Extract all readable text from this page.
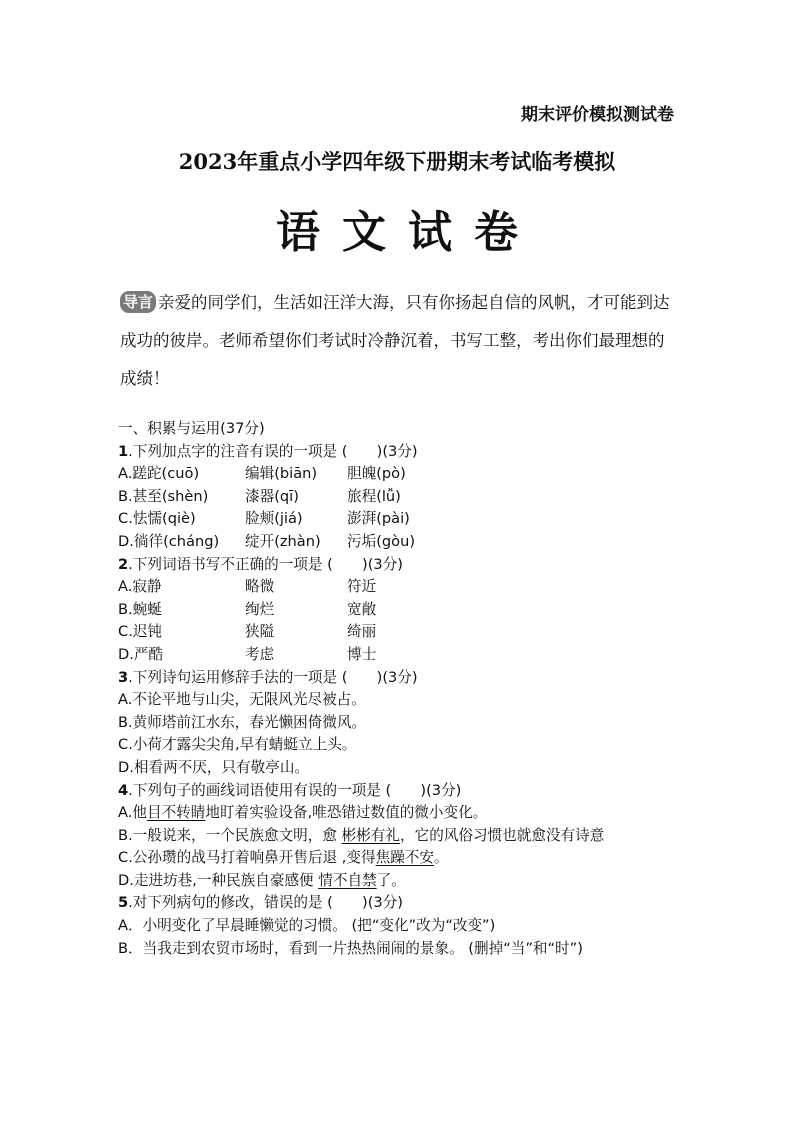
期末评价模拟测试卷
2023年重点小学四年级下册期末考试临考模拟
语文试卷
导言 亲爱的同学们，生活如汪洋大海，只有你扬起自信的风帆，才可能到达成功的彼岸。老师希望你们考试时冷静沉着，书写工整，考出你们最理想的成绩！
一、积累与运用(37分)
1.下列加点字的注音有误的一项是 (　　)(3分)
A.蹉跎(cuō)	编辑(biān)	胆魄(pò)
B.甚至(shèn)	漆器(qī)	旅程(lǚ)
C.怯懦(qiè)	脸颊(jiá)	澎湃(pài)
D.徜徉(cháng)	绽开(zhàn)	污垢(gòu)
2.下列词语书写不正确的一项是 (　　)(3分)
A.寂静	略微	符近
B.蜿蜒	绚烂	宽敞
C.迟钝	狭隘	绮丽
D.严酷	考虑	博士
3.下列诗句运用修辞手法的一项是 (　　)(3分)
A.不论平地与山尖，无限风光尽被占。
B.黄师塔前江水东，春光懒困倚微风。
C.小荷才露尖尖角,早有蜻蜓立上头。
D.相看两不厌，只有敬亭山。
4.下列句子的画线词语使用有误的一项是 (　　)(3分)
A.他目不转睛地盯着实验设备,唯恐错过数值的微小变化。
B.一般说来，一个民族愈文明，愈 彬彬有礼，它的风俗习惯也就愈没有诗意
C.公孙瓒的战马打着响鼻开售后退 ,变得焦躁不安。
D.走进坊巷,一种民族自豪感便 情不自禁了。
5.对下列病句的修改，错误的是 (　　)(3分)
A．小明变化了早晨睡懒觉的习惯。 (把“变化”改为“改变”)
B．当我走到农贸市场时，看到一片热热闹闹的景象。 (删掉“当”和“时”)
